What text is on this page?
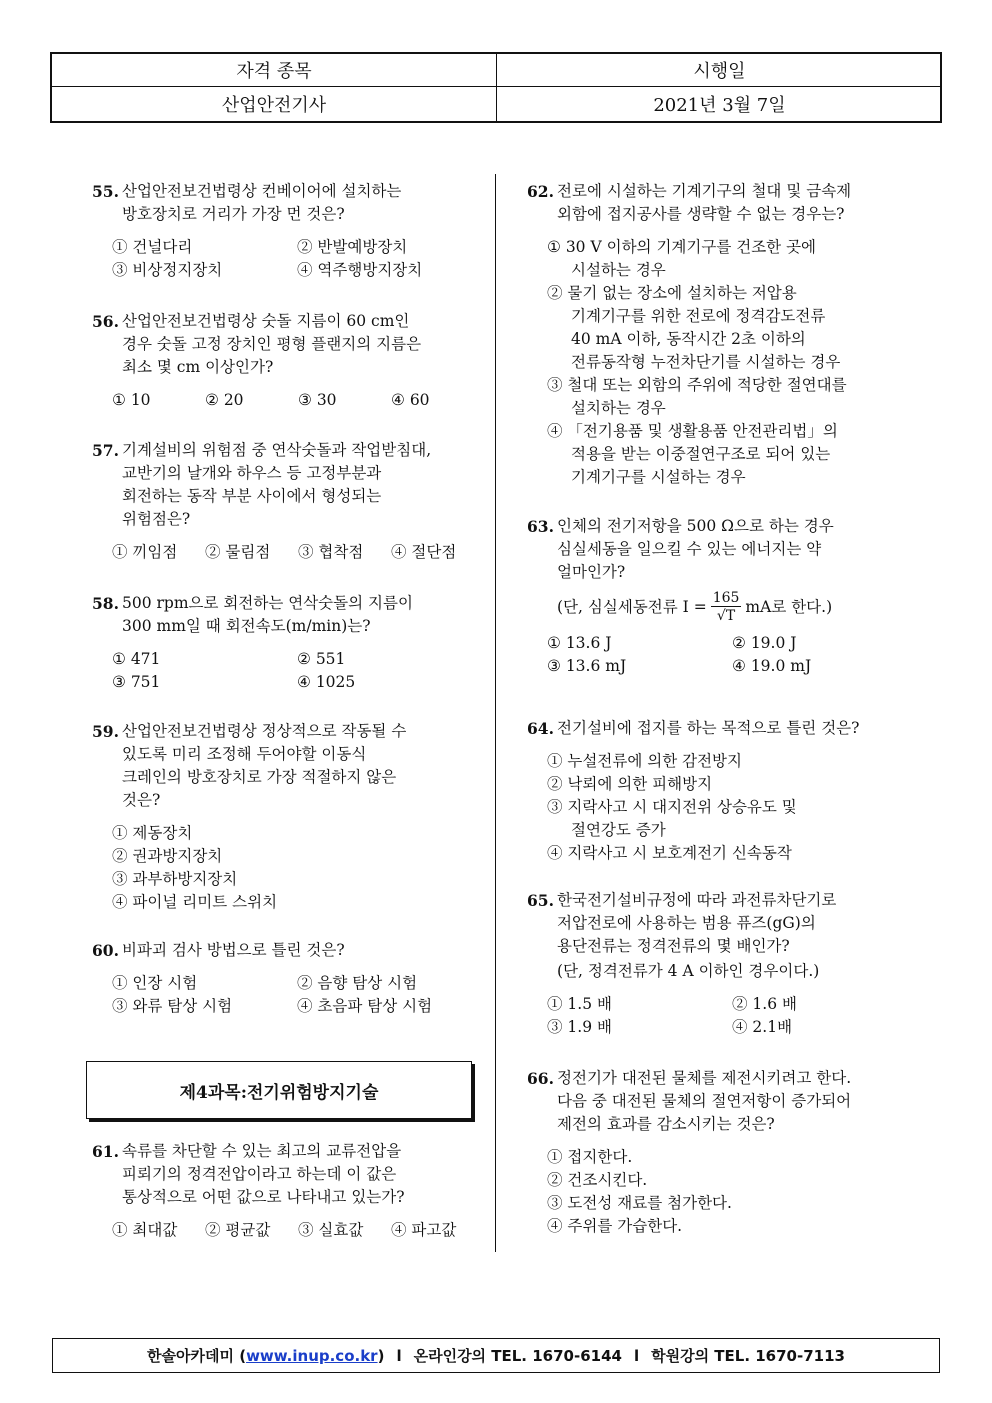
자격 종목	시행일
산업안전기사	2021년 3월 7일
55. 산업안전보건법령상 컨베이어에 설치하는
방호장치로 거리가 가장 먼 것은?
① 건널다리	② 반발예방장치
③ 비상정지장치	④ 역주행방지장치
56. 산업안전보건법령상 숫돌 지름이 60 cm인
경우 숫돌 고정 장치인 평형 플랜지의 지름은
최소 몇 cm 이상인가?
① 10	② 20	③ 30	④ 60
57. 기계설비의 위험점 중 연삭숫돌과 작업받침대,
교반기의 날개와 하우스 등 고정부분과
회전하는 동작 부분 사이에서 형성되는
위험점은?
① 끼임점	② 물림점	③ 협착점	④ 절단점
58. 500 rpm으로 회전하는 연삭숫돌의 지름이
300 mm일 때 회전속도(m/min)는?
① 471	② 551
③ 751	④ 1025
59. 산업안전보건법령상 정상적으로 작동될 수
있도록 미리 조정해 두어야할 이동식
크레인의 방호장치로 가장 적절하지 않은
것은?
① 제동장치
② 권과방지장치
③ 과부하방지장치
④ 파이널 리미트 스위치
60. 비파괴 검사 방법으로 틀린 것은?
① 인장 시험	② 음향 탐상 시험
③ 와류 탐상 시험	④ 초음파 탐상 시험
제4과목:전기위험방지기술
61. 속류를 차단할 수 있는 최고의 교류전압을
피뢰기의 정격전압이라고 하는데 이 값은
통상적으로 어떤 값으로 나타내고 있는가?
① 최대값	② 평균값	③ 실효값	④ 파고값
62. 전로에 시설하는 기계기구의 철대 및 금속제
외함에 접지공사를 생략할 수 없는 경우는?
① 30 V 이하의 기계기구를 건조한 곳에
시설하는 경우
② 물기 없는 장소에 설치하는 저압용
기계기구를 위한 전로에 정격감도전류
40 mA 이하, 동작시간 2초 이하의
전류동작형 누전차단기를 시설하는 경우
③ 철대 또는 외함의 주위에 적당한 절연대를
설치하는 경우
④ 「전기용품 및 생활용품 안전관리법」의
적용을 받는 이중절연구조로 되어 있는
기계기구를 시설하는 경우
63. 인체의 전기저항을 500 Ω으로 하는 경우
심실세동을 일으킬 수 있는 에너지는 약
얼마인가?
(단, 심실세동전류 $I = \frac{165}{√T}$ mA로 한다.)
① 13.6 J	② 19.0 J
③ 13.6 mJ	④ 19.0 mJ
64. 전기설비에 접지를 하는 목적으로 틀린 것은?
① 누설전류에 의한 감전방지
② 낙뢰에 의한 피해방지
③ 지락사고 시 대지전위 상승유도 및
절연강도 증가
④ 지락사고 시 보호계전기 신속동작
65. 한국전기설비규정에 따라 과전류차단기로
저압전로에 사용하는 범용 퓨즈(gG)의
용단전류는 정격전류의 몇 배인가?
(단, 정격전류가 4 A 이하인 경우이다.)
① 1.5 배	② 1.6 배
③ 1.9 배	④ 2.1배
66. 정전기가 대전된 물체를 제전시키려고 한다.
다음 중 대전된 물체의 절연저항이 증가되어
제전의 효과를 감소시키는 것은?
① 접지한다.
② 건조시킨다.
③ 도전성 재료를 첨가한다.
④ 주위를 가습한다.
한솔아카데미
( www.inup.co.kr ) l 온라인강의 TEL. 1670-6144 l 학원강의 TEL. 1670-7113
